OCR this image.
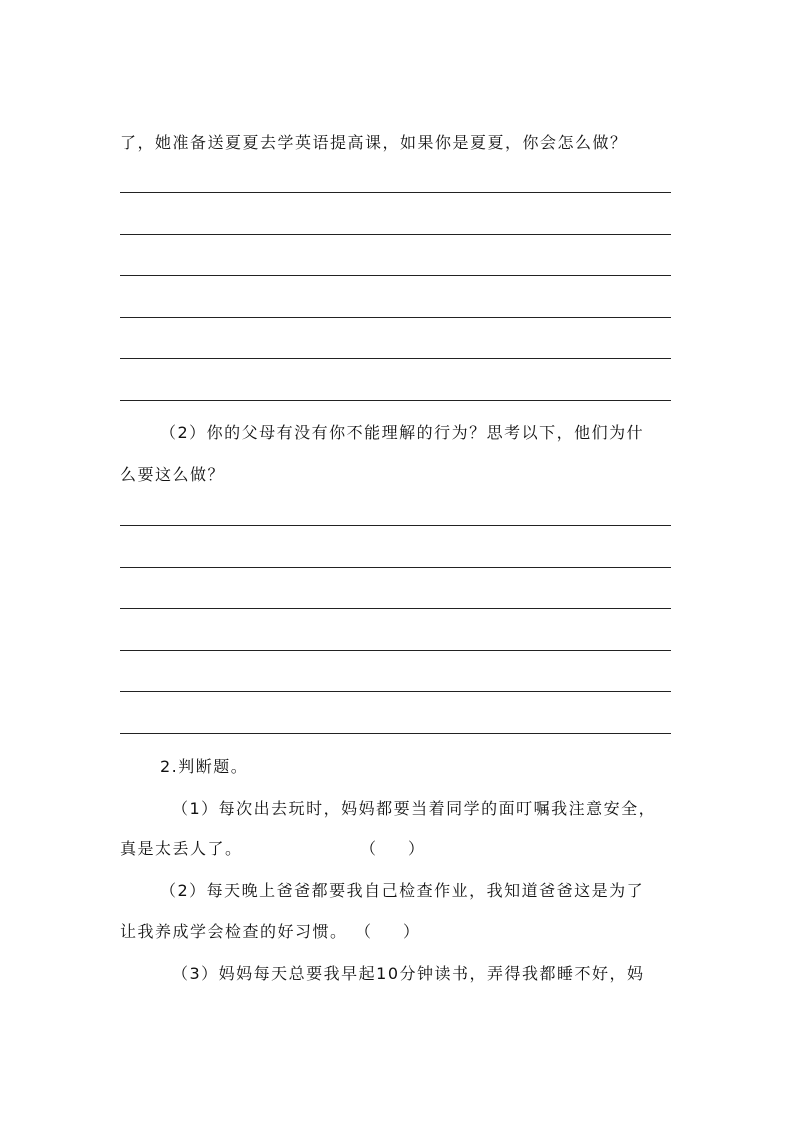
了，她准备送夏夏去学英语提高课，如果你是夏夏，你会怎么做？
（2）你的父母有没有你不能理解的行为？思考以下，他们为什
么要这么做？
2.判断题。
（1）每次出去玩时，妈妈都要当着同学的面叮嘱我注意安全，
真是太丢人了。	（　　）
（2）每天晚上爸爸都要我自己检查作业，我知道爸爸这是为了
让我养成学会检查的好习惯。 （　　）
（3）妈妈每天总要我早起10分钟读书，弄得我都睡不好，妈
